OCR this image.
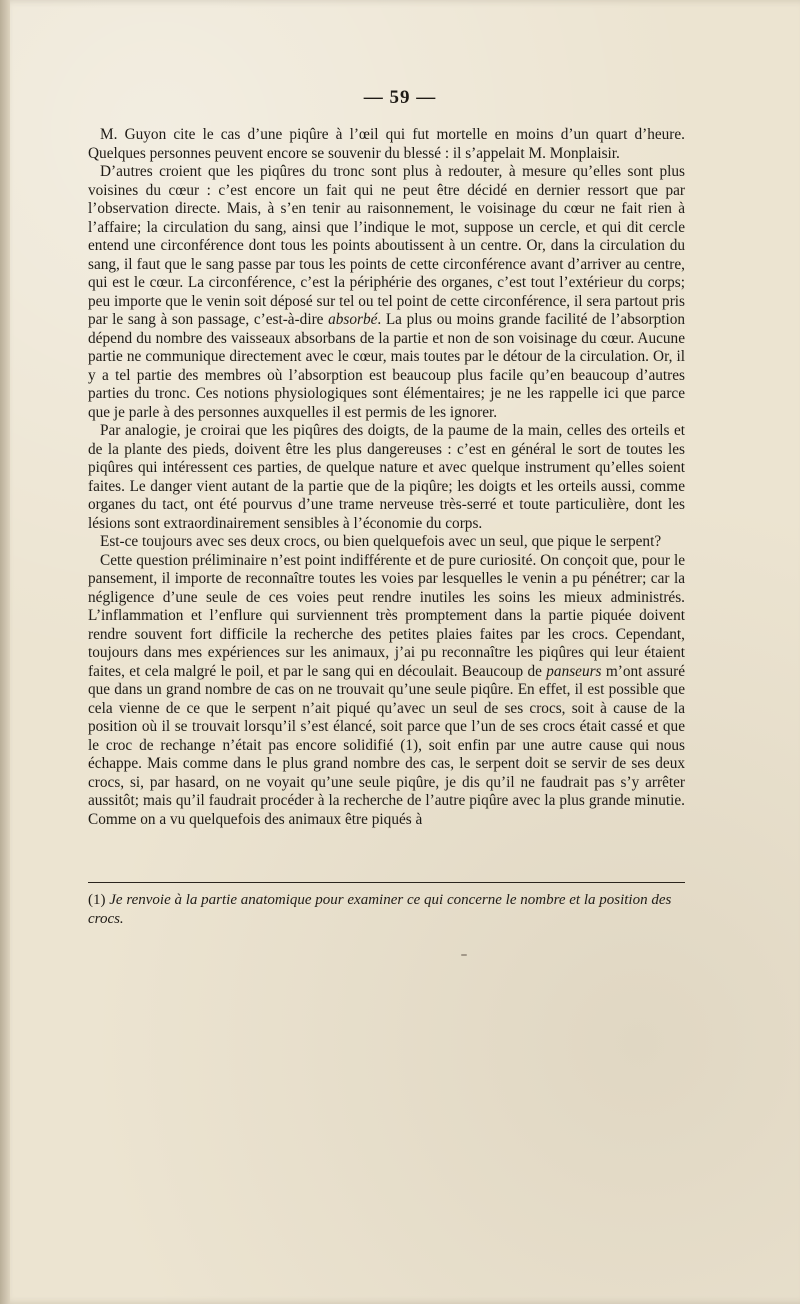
— 59 —

M. Guyon cite le cas d’une piqûre à l’œil qui fut mortelle en moins d’un quart d’heure. Quelques personnes peuvent encore se souvenir du blessé : il s’appelait M. Monplaisir.

D’autres croient que les piqûres du tronc sont plus à redouter, à mesure qu’elles sont plus voisines du cœur : c’est encore un fait qui ne peut être décidé en dernier ressort que par l’observation directe. Mais, à s’en tenir au raisonnement, le voisinage du cœur ne fait rien à l’affaire; la circulation du sang, ainsi que l’indique le mot, suppose un cercle, et qui dit cercle entend une circonférence dont tous les points aboutissent à un centre. Or, dans la circulation du sang, il faut que le sang passe par tous les points de cette circonférence avant d’arriver au centre, qui est le cœur. La circonférence, c’est la périphérie des organes, c’est tout l’extérieur du corps; peu importe que le venin soit déposé sur tel ou tel point de cette circonférence, il sera partout pris par le sang à son passage, c’est-à-dire absorbé. La plus ou moins grande facilité de l’absorption dépend du nombre des vaisseaux absorbans de la partie et non de son voisinage du cœur. Aucune partie ne communique directement avec le cœur, mais toutes par le détour de la circulation. Or, il y a tel partie des membres où l’absorption est beaucoup plus facile qu’en beaucoup d’autres parties du tronc. Ces notions physiologiques sont élémentaires; je ne les rappelle ici que parce que je parle à des personnes auxquelles il est permis de les ignorer.

Par analogie, je croirai que les piqûres des doigts, de la paume de la main, celles des orteils et de la plante des pieds, doivent être les plus dangereuses : c’est en général le sort de toutes les piqûres qui intéressent ces parties, de quelque nature et avec quelque instrument qu’elles soient faites. Le danger vient autant de la partie que de la piqûre; les doigts et les orteils aussi, comme organes du tact, ont été pourvus d’une trame nerveuse très-serré et toute particulière, dont les lésions sont extraordinairement sensibles à l’économie du corps.

Est-ce toujours avec ses deux crocs, ou bien quelquefois avec un seul, que pique le serpent?

Cette question préliminaire n’est point indifférente et de pure curiosité. On conçoit que, pour le pansement, il importe de reconnaître toutes les voies par lesquelles le venin a pu pénétrer; car la négligence d’une seule de ces voies peut rendre inutiles les soins les mieux administrés. L’inflammation et l’enflure qui surviennent très promptement dans la partie piquée doivent rendre souvent fort difficile la recherche des petites plaies faites par les crocs. Cependant, toujours dans mes expériences sur les animaux, j’ai pu reconnaître les piqûres qui leur étaient faites, et cela malgré le poil, et par le sang qui en découlait. Beaucoup de panseurs m’ont assuré que dans un grand nombre de cas on ne trouvait qu’une seule piqûre. En effet, il est possible que cela vienne de ce que le serpent n’ait piqué qu’avec un seul de ses crocs, soit à cause de la position où il se trouvait lorsqu’il s’est élancé, soit parce que l’un de ses crocs était cassé et que le croc de rechange n’était pas encore solidifié (1), soit enfin par une autre cause qui nous échappe. Mais comme dans le plus grand nombre des cas, le serpent doit se servir de ses deux crocs, si, par hasard, on ne voyait qu’une seule piqûre, je dis qu’il ne faudrait pas s’y arrêter aussitôt; mais qu’il faudrait procéder à la recherche de l’autre piqûre avec la plus grande minutie. Comme on a vu quelquefois des animaux être piqués à

(1) Je renvoie à la partie anatomique pour examiner ce qui concerne le nombre et la position des crocs.
